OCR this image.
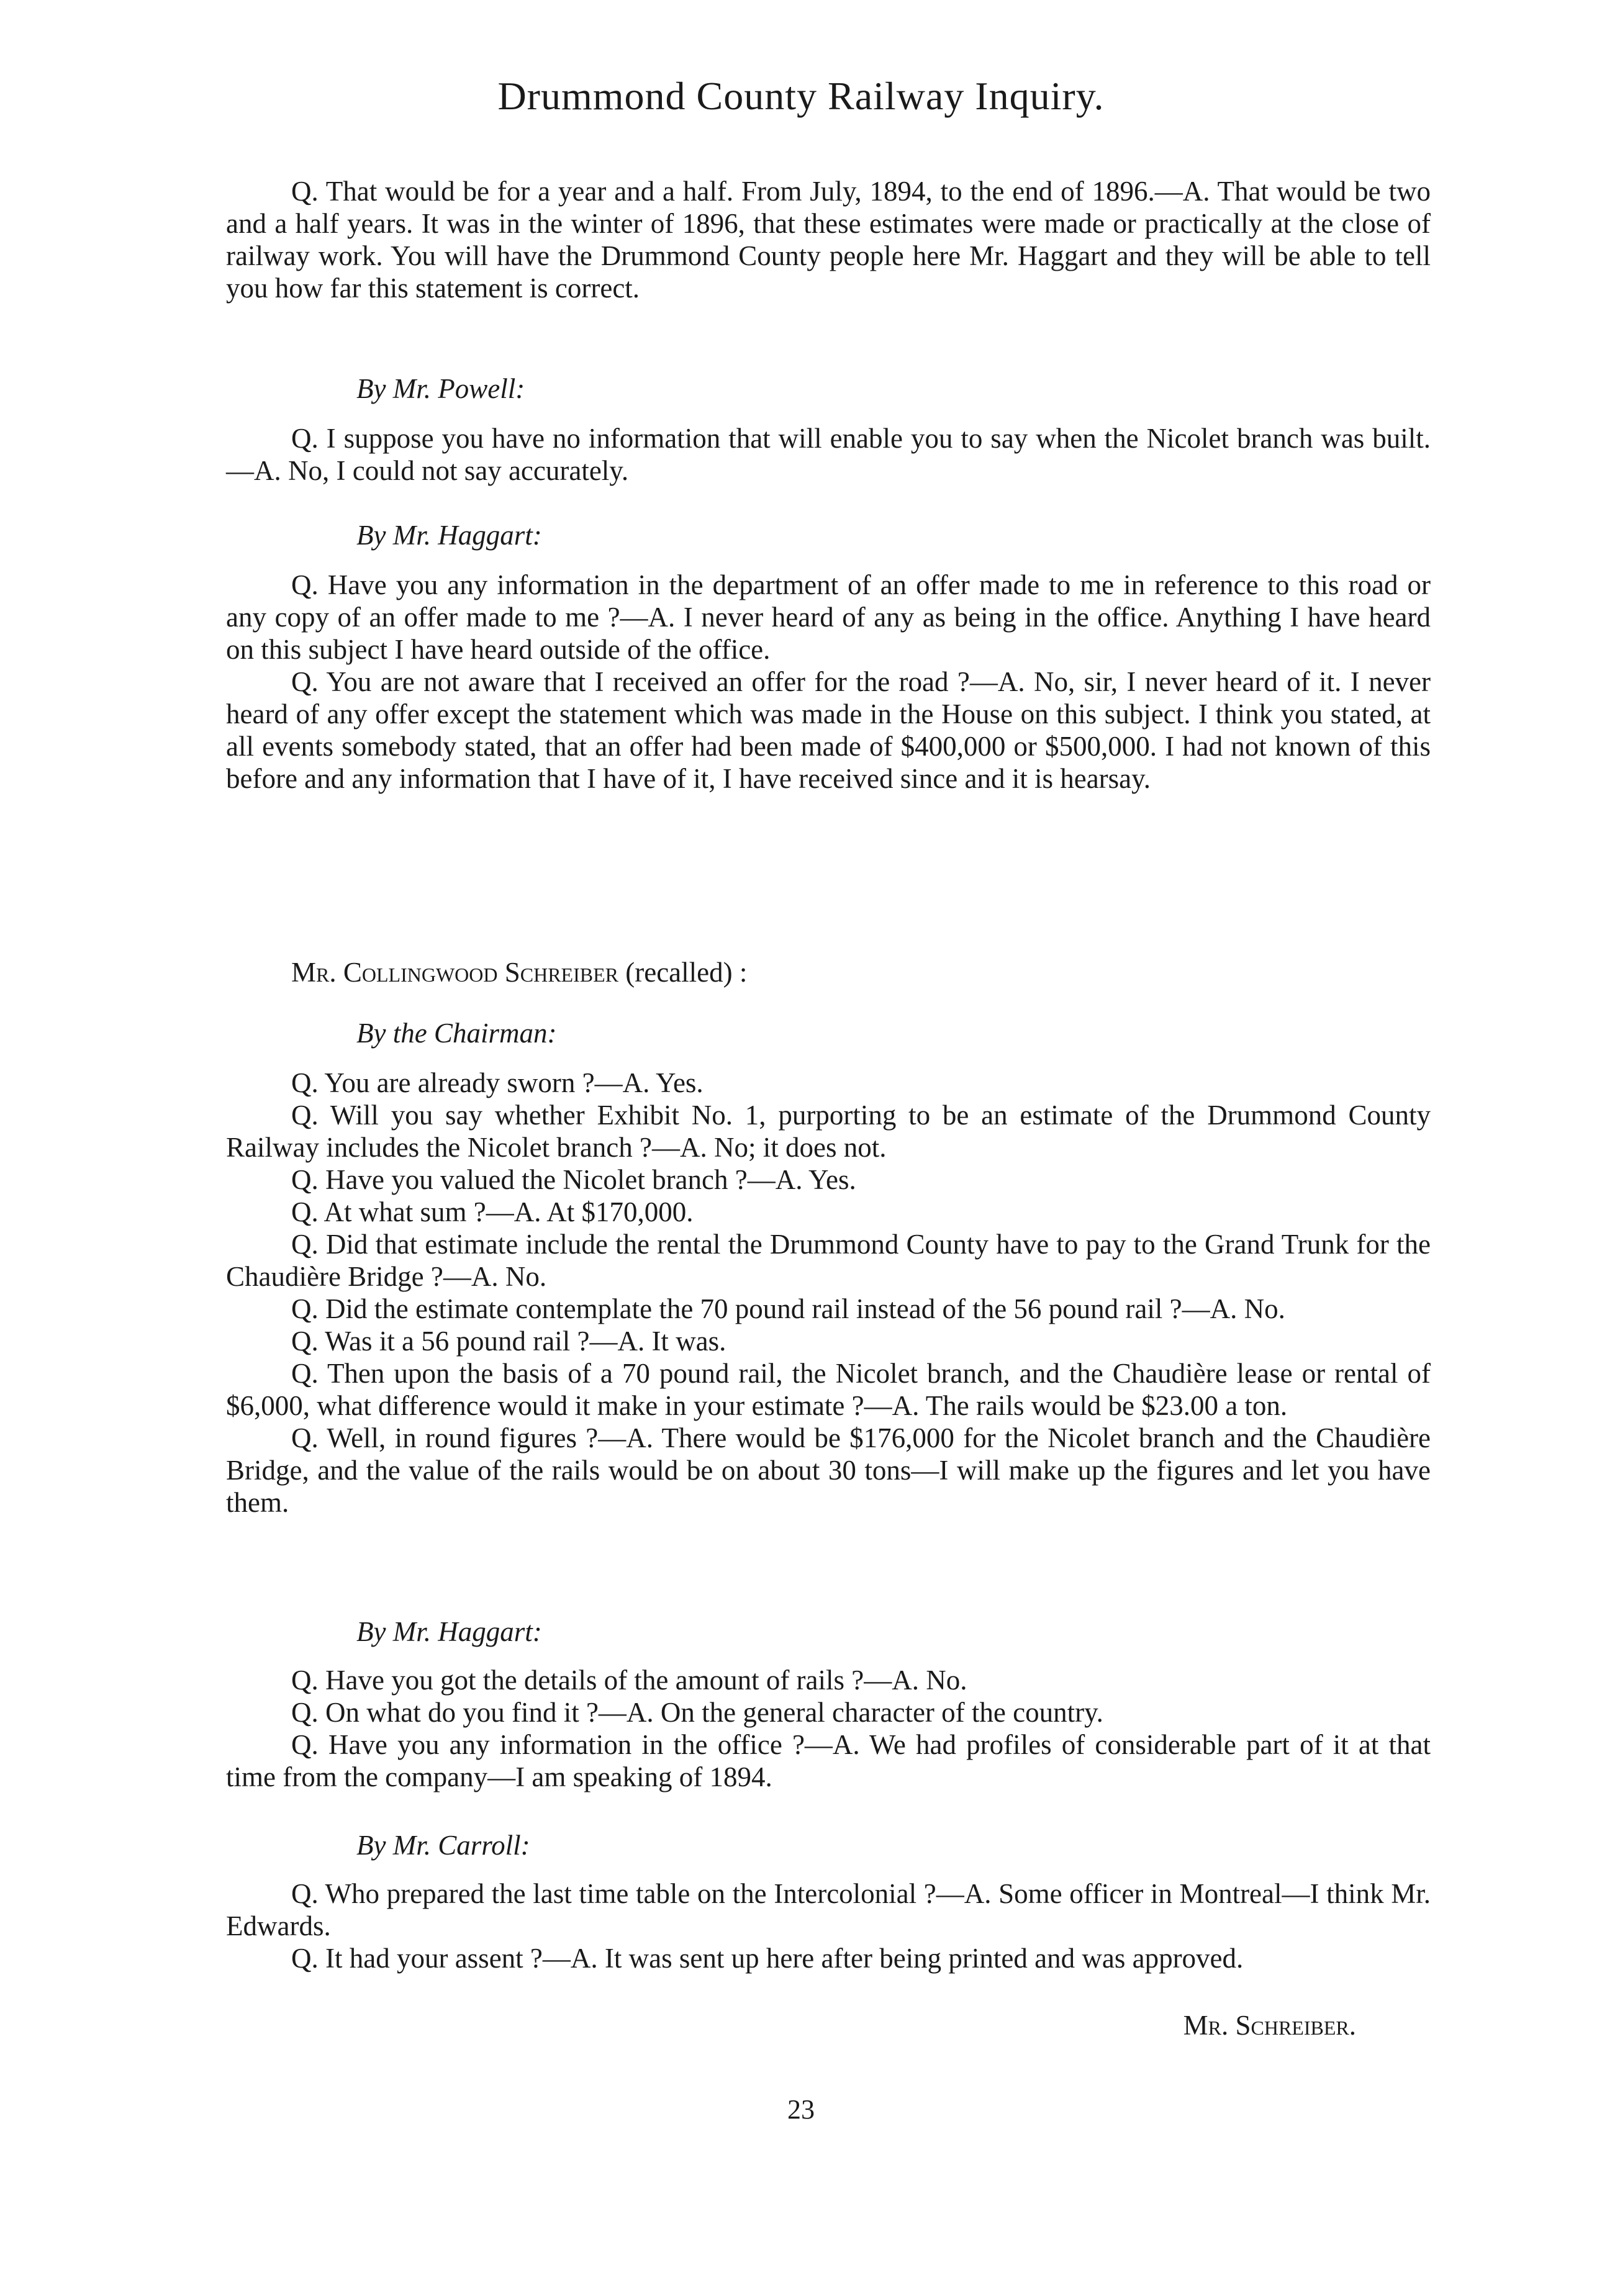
Drummond County Railway Inquiry.

Q. That would be for a year and a half. From July, 1894, to the end of 1896.—A. That would be two and a half years. It was in the winter of 1896, that these estimates were made or practically at the close of railway work. You will have the Drummond County people here Mr. Haggart and they will be able to tell you how far this statement is correct.

By Mr. Powell:

Q. I suppose you have no information that will enable you to say when the Nicolet branch was built.—A. No, I could not say accurately.

By Mr. Haggart:

Q. Have you any information in the department of an offer made to me in reference to this road or any copy of an offer made to me ?—A. I never heard of any as being in the office. Anything I have heard on this subject I have heard outside of the office.

Q. You are not aware that I received an offer for the road ?—A. No, sir, I never heard of it. I never heard of any offer except the statement which was made in the House on this subject. I think you stated, at all events somebody stated, that an offer had been made of $400,000 or $500,000. I had not known of this before and any information that I have of it, I have received since and it is hearsay.

Mr. Collingwood Schreiber (recalled) :

By the Chairman:

Q. You are already sworn ?—A. Yes.

Q. Will you say whether Exhibit No. 1, purporting to be an estimate of the Drummond County Railway includes the Nicolet branch ?—A. No; it does not.

Q. Have you valued the Nicolet branch ?—A. Yes.

Q. At what sum ?—A. At $170,000.

Q. Did that estimate include the rental the Drummond County have to pay to the Grand Trunk for the Chaudière Bridge ?—A. No.

Q. Did the estimate contemplate the 70 pound rail instead of the 56 pound rail ?—A. No.

Q. Was it a 56 pound rail ?—A. It was.

Q. Then upon the basis of a 70 pound rail, the Nicolet branch, and the Chaudière lease or rental of $6,000, what difference would it make in your estimate ?—A. The rails would be $23.00 a ton.

Q. Well, in round figures ?—A. There would be $176,000 for the Nicolet branch and the Chaudière Bridge, and the value of the rails would be on about 30 tons—I will make up the figures and let you have them.

By Mr. Haggart:

Q. Have you got the details of the amount of rails ?—A. No.

Q. On what do you find it ?—A. On the general character of the country.

Q. Have you any information in the office ?—A. We had profiles of considerable part of it at that time from the company—I am speaking of 1894.

By Mr. Carroll:

Q. Who prepared the last time table on the Intercolonial ?—A. Some officer in Montreal—I think Mr. Edwards.

Q. It had your assent ?—A. It was sent up here after being printed and was approved.

Mr. Schreiber.

23
